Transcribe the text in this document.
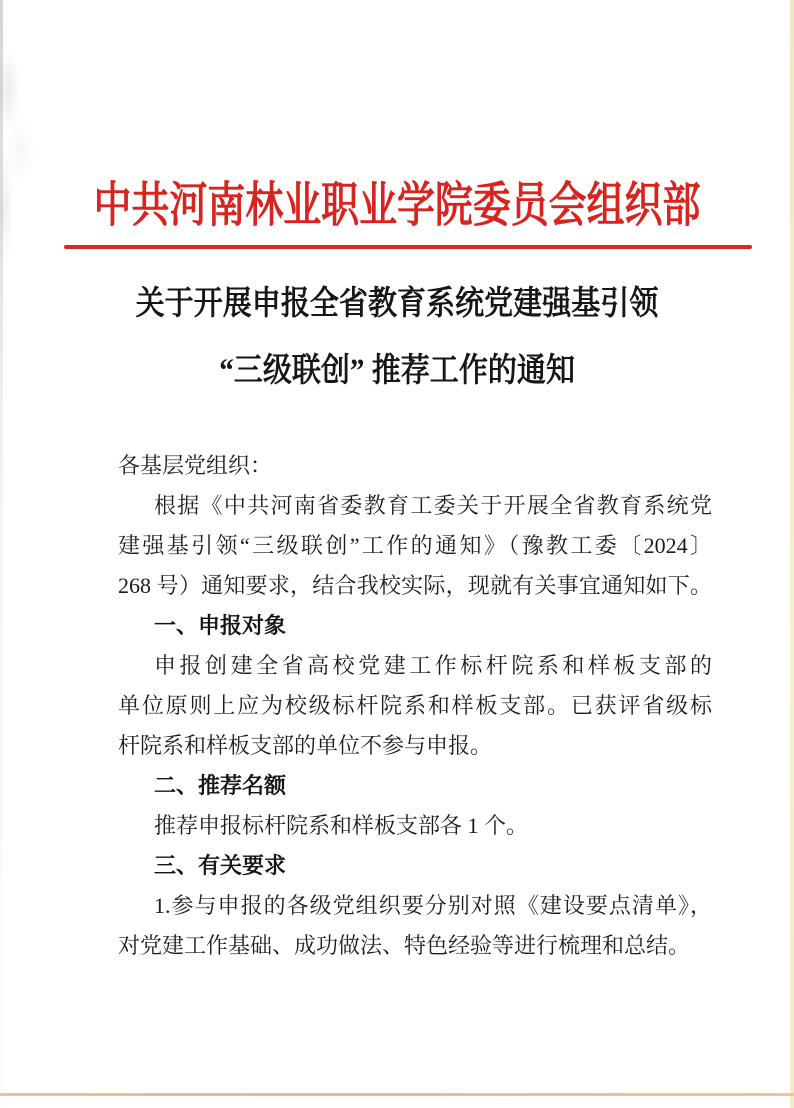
中共河南林业职业学院委员会组织部
关于开展申报全省教育系统党建强基引领
“三级联创” 推荐工作的通知
各基层党组织：
根据《中共河南省委教育工委关于开展全省教育系统党
建强基引领“三级联创”工作的通知》（豫教工委〔2024〕
268 号）通知要求，结合我校实际，现就有关事宜通知如下。
一、申报对象
申报创建全省高校党建工作标杆院系和样板支部的
单位原则上应为校级标杆院系和样板支部。已获评省级标
杆院系和样板支部的单位不参与申报。
二、推荐名额
推荐申报标杆院系和样板支部各 1 个。
三、有关要求
1.参与申报的各级党组织要分别对照《建设要点清单》，
对党建工作基础、成功做法、特色经验等进行梳理和总结。
